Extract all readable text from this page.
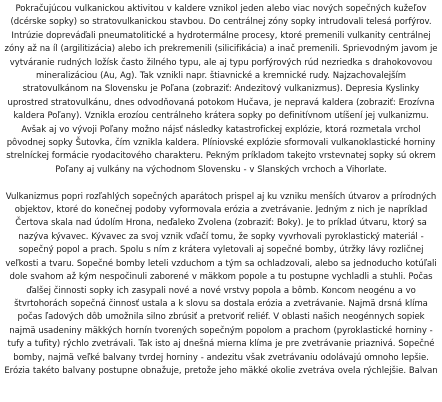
Pokračujúcou vulkanickou aktivitou v kaldere vznikol jeden alebo viac nových sopečných kužeľov (dcérske sopky) so stratovulkanickou stavbou. Do centrálnej zóny sopky intrudovali telesá porfýrov. Intrúzie dopreváďali pneumatolitické a hydrotermálne procesy, ktoré premenili vulkanity centrálnej zóny až na íl (argilitizácia) alebo ich prekremenili (silicifikácia) a inač premenili. Sprievodným javom je vytváranie rudných ložísk často žilného typu, ale aj typu porfýrových rúd nezriedka s drahokovovou mineralizáciou (Au, Ag). Tak vznikli napr. štiavnické a kremnické rudy. Najzachovalejším stratovulkánom na Slovensku je Poľana (zobraziť: Andezitový vulkanizmus). Depresia Kyslinky uprostred stratovulkánu, dnes odvodňovaná potokom Hučava, je nepravá kaldera (zobraziť: Erozívna kaldera Poľany). Vznikla erozíou centrálneho krátera sopky po definitívnom utíšení jej vulkanizmu. Avšak aj vo vývoji Poľany možno nájsť následky katastrofickej explózie, ktorá rozmetala vrchol pôvodnej sopky Šutovka, čím vznikla kaldera. Plíniovské explózie sformovali vulkanoklastické horniny strelníckej formácie ryodacitového charakteru. Pekným príkladom takejto vrstevnatej sopky sú okrem Poľany aj vulkány na východnom Slovensku - v Slanských vrchoch a Vihorlate.

Vulkanizmus popri rozľahlých sopečných aparátoch prispel aj ku vzniku menších útvarov a prírodných objektov, ktoré do konečnej podoby vyformovala erózia a zvetrávanie. Jedným z nich je napríklad Čertova skala nad údolím Hrona, neďaleko Zvolena (zobraziť: Boky). Je to príklad útvaru, ktorý sa nazýva kývavec. Kývavec za svoj vznik vďačí tomu, že sopky vyvrhovali pyroklastický materiál - sopečný popol a prach. Spolu s ním z krátera vyletovali aj sopečné bomby, útržky lávy rozličnej veľkosti a tvaru. Sopečné bomby leteli vzduchom a tým sa ochladzovali, alebo sa jednoducho kotúľali dole svahom až kým nespočinuli zaborené v mäkkom popole a tu postupne vychladli a stuhli. Počas ďalšej činnosti sopky ich zasypali nové a nové vrstvy popola a bômb. Koncom neogénu a vo štvrtohorách sopečná činnosť ustala a k slovu sa dostala erózia a zvetrávanie. Najmä drsná klíma počas ľadových dôb umožnila silno zbrúsiť a pretvoriť reliéf. V oblasti našich neogénnych sopiek najmä usadeniny mäkkých hornín tvorených sopečným popolom a prachom (pyroklastické horniny - tufy a tufity) rýchlo zvetrávali. Tak isto aj dnešná mierna klíma je pre zvetrávanie priaznivá. Sopečné bomby, najmä veľké balvany tvrdej horniny - andezitu však zvetrávaniu odolávajú omnoho lepšie. Erózia takéto balvany postupne obnažuje, pretože jeho mäkké okolie zvetráva ovela rýchlejšie. Balvan
